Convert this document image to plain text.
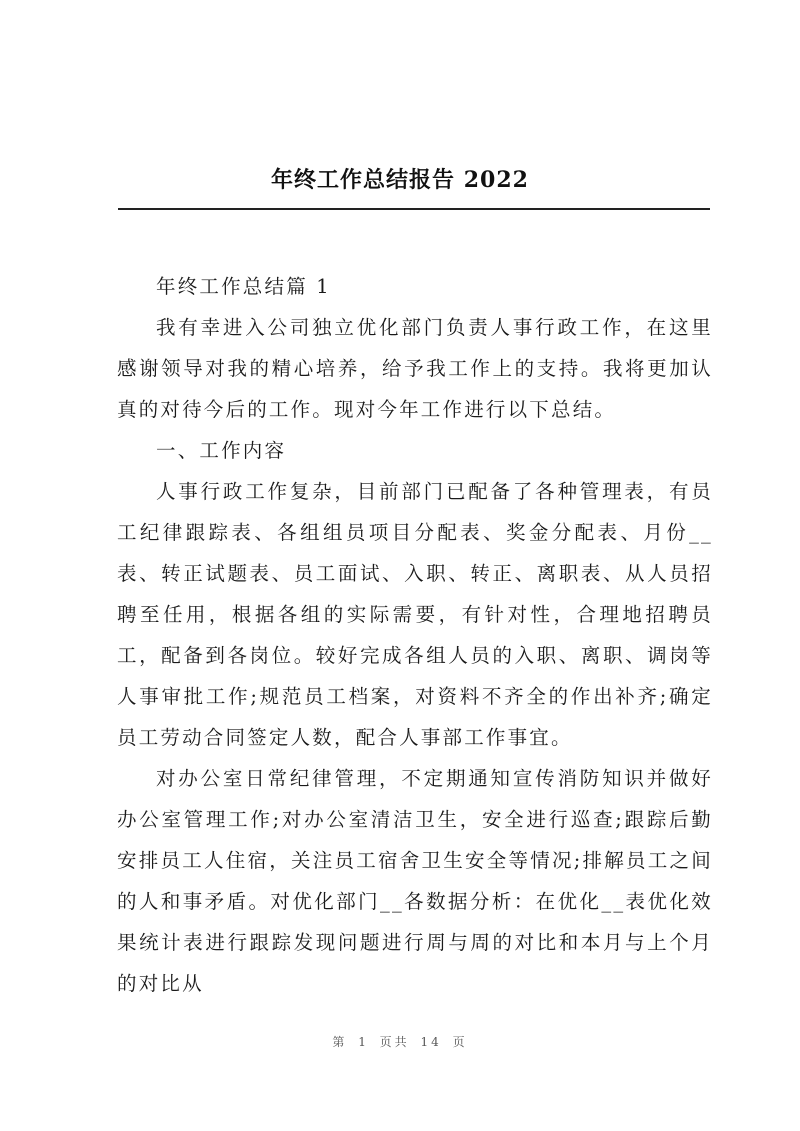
年终工作总结报告 2022

年终工作总结篇 1

我有幸进入公司独立优化部门负责人事行政工作，在这里感谢领导对我的精心培养，给予我工作上的支持。我将更加认真的对待今后的工作。现对今年工作进行以下总结。

一、工作内容

人事行政工作复杂，目前部门已配备了各种管理表，有员工纪律跟踪表、各组组员项目分配表、奖金分配表、月份__表、转正试题表、员工面试、入职、转正、离职表、从人员招聘至任用，根据各组的实际需要，有针对性，合理地招聘员工，配备到各岗位。较好完成各组人员的入职、离职、调岗等人事审批工作;规范员工档案，对资料不齐全的作出补齐;确定员工劳动合同签定人数，配合人事部工作事宜。

对办公室日常纪律管理，不定期通知宣传消防知识并做好办公室管理工作;对办公室清洁卫生，安全进行巡查;跟踪后勤安排员工人住宿，关注员工宿舍卫生安全等情况;排解员工之间的人和事矛盾。对优化部门__各数据分析：在优化__表优化效果统计表进行跟踪发现问题进行周与周的对比和本月与上个月的对比从

第 1 页共 14 页
